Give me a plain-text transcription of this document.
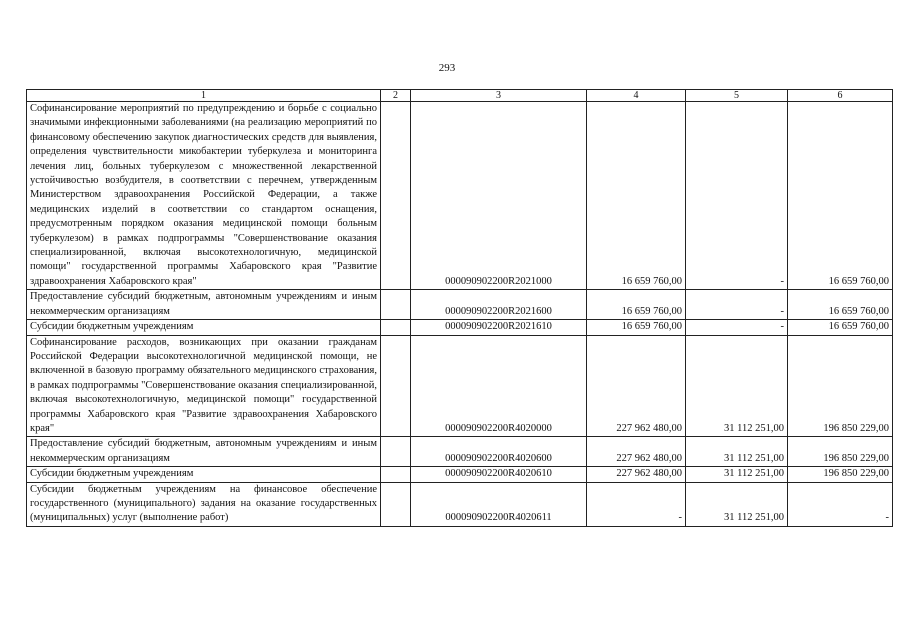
293
1	2	3	4	5	6
Софинансирование мероприятий по предупреждению и борьбе с социально значимыми инфекционными заболеваниями (на реализацию мероприятий по финансовому обеспечению закупок диагностических средств для выявления, определения чувствительности микобактерии туберкулеза и мониторинга лечения лиц, больных туберкулезом с множественной лекарственной устойчивостью возбудителя, в соответствии с перечнем, утвержденным Министерством здравоохранения Российской Федерации, а также медицинских изделий в соответствии со стандартом оснащения, предусмотренным порядком оказания медицинской помощи больным туберкулезом) в рамках подпрограммы "Совершенствование оказания специализированной, включая высокотехнологичную, медицинской помощи" государственной программы Хабаровского края "Развитие здравоохранения Хабаровского края"		000090902200R2021000	16 659 760,00	-	16 659 760,00
Предоставление субсидий бюджетным, автономным учреждениям и иным некоммерческим организациям		000090902200R2021600	16 659 760,00	-	16 659 760,00
Субсидии бюджетным учреждениям		000090902200R2021610	16 659 760,00	-	16 659 760,00
Софинансирование расходов, возникающих при оказании гражданам Российской Федерации высокотехнологичной медицинской помощи, не включенной в базовую программу обязательного медицинского страхования, в рамках подпрограммы "Совершенствование оказания специализированной, включая высокотехнологичную, медицинской помощи" государственной программы Хабаровского края "Развитие здравоохранения Хабаровского края"		000090902200R4020000	227 962 480,00	31 112 251,00	196 850 229,00
Предоставление субсидий бюджетным, автономным учреждениям и иным некоммерческим организациям		000090902200R4020600	227 962 480,00	31 112 251,00	196 850 229,00
Субсидии бюджетным учреждениям		000090902200R4020610	227 962 480,00	31 112 251,00	196 850 229,00
Субсидии бюджетным учреждениям на финансовое обеспечение государственного (муниципального) задания на оказание государственных (муниципальных) услуг (выполнение работ)		000090902200R4020611	-	31 112 251,00	-
